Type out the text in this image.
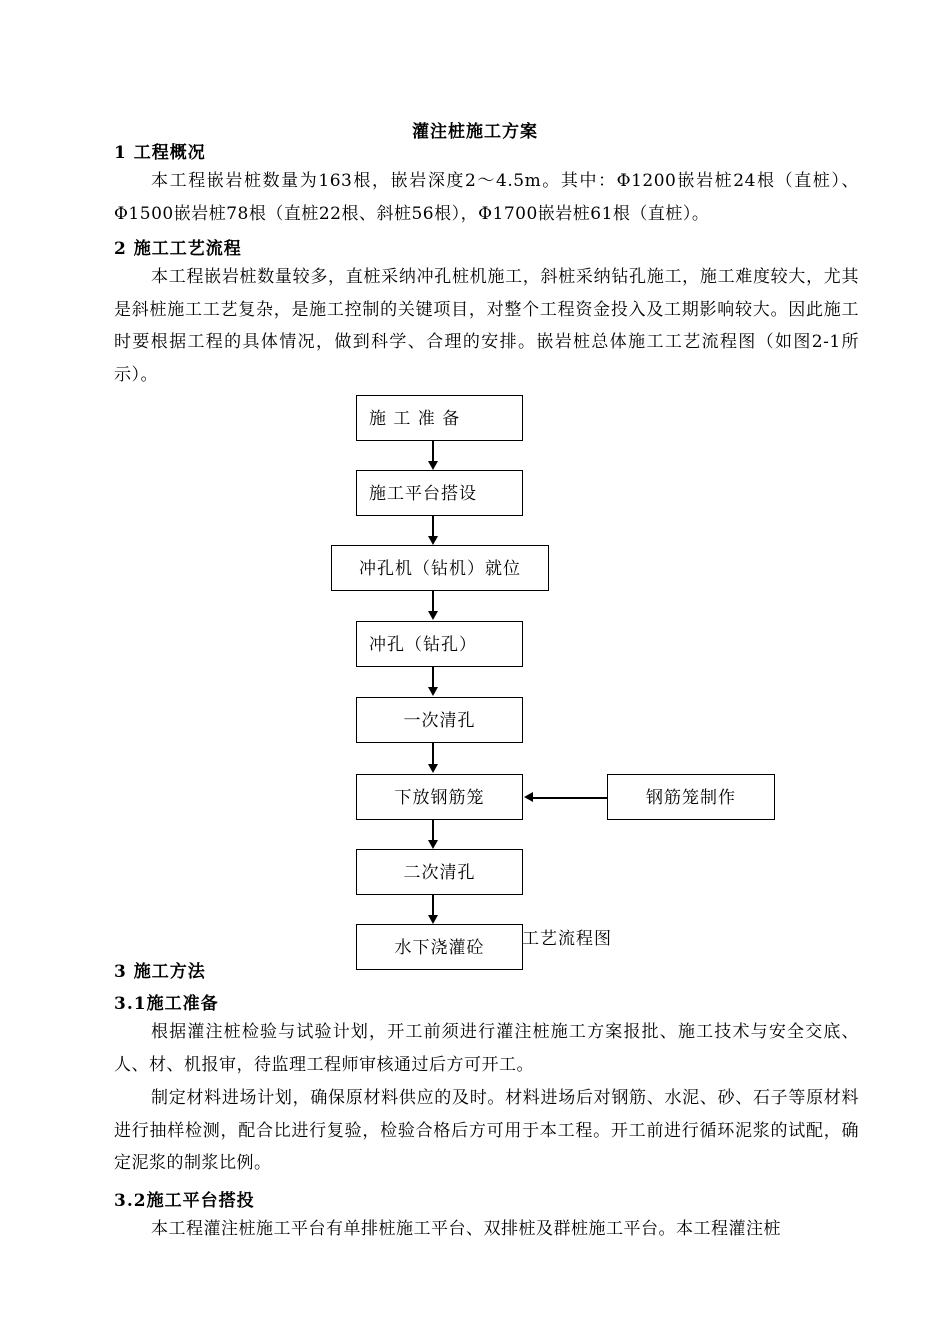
灌注桩施工方案
1 工程概况
本工程嵌岩桩数量为163根，嵌岩深度2～4.5m。其中：Φ1200嵌岩桩24根（直桩）、Φ1500嵌岩桩78根（直桩22根、斜桩56根），Φ1700嵌岩桩61根（直桩）。
2 施工工艺流程
本工程嵌岩桩数量较多，直桩采纳冲孔桩机施工，斜桩采纳钻孔施工，施工难度较大，尤其是斜桩施工工艺复杂，是施工控制的关键项目，对整个工程资金投入及工期影响较大。因此施工时要根据工程的具体情况，做到科学、合理的安排。嵌岩桩总体施工工艺流程图（如图2-1所示）。
施 工 准 备
施工平台搭设
冲孔机（钻机）就位
冲孔（钻孔）
一次清孔
下放钢筋笼
二次清孔
水下浇灌砼
钢筋笼制作
工艺流程图
3 施工方法
3.1施工准备
根据灌注桩检验与试验计划，开工前须进行灌注桩施工方案报批、施工技术与安全交底、人、材、机报审，待监理工程师审核通过后方可开工。
制定材料进场计划，确保原材料供应的及时。材料进场后对钢筋、水泥、砂、石子等原材料进行抽样检测，配合比进行复验，检验合格后方可用于本工程。开工前进行循环泥浆的试配，确定泥浆的制浆比例。
3.2施工平台搭投
本工程灌注桩施工平台有单排桩施工平台、双排桩及群桩施工平台。本工程灌注桩
